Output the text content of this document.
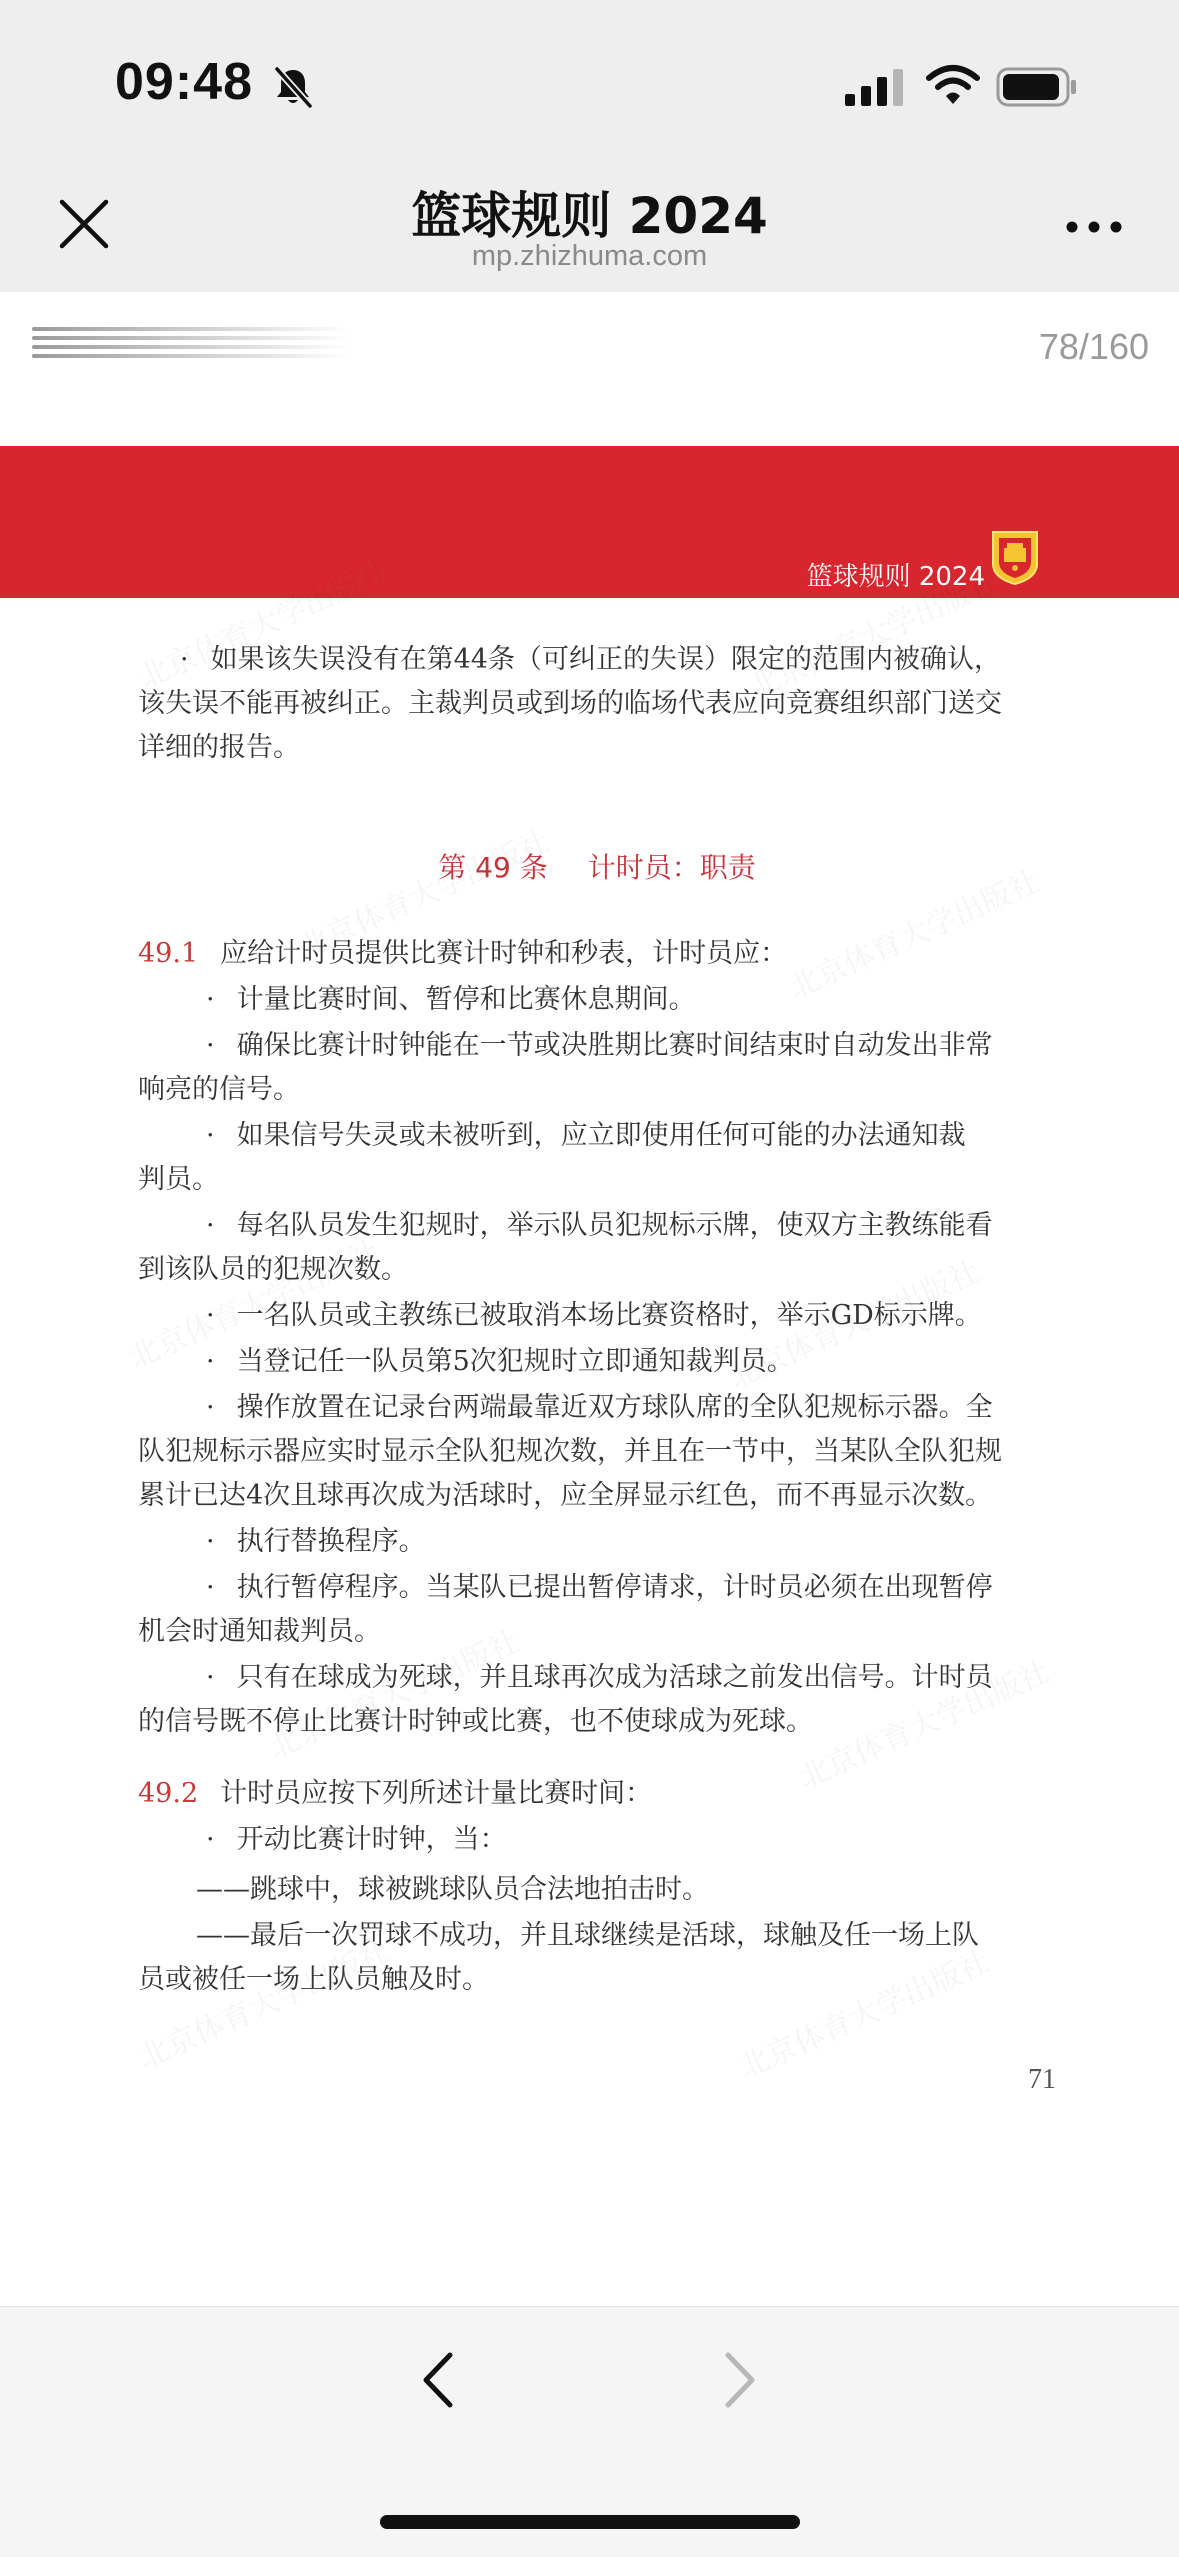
09:48
篮球规则 2024
mp.zhizhuma.com
78/160
篮球规则 2024
· 如果该失误没有在第44条（可纠正的失误）限定的范围内被确认，
该失误不能再被纠正。主裁判员或到场的临场代表应向竞赛组织部门送交
详细的报告。
第 49 条 计时员：职责
49.1 应给计时员提供比赛计时钟和秒表，计时员应：
· 计量比赛时间、暂停和比赛休息期间。
· 确保比赛计时钟能在一节或决胜期比赛时间结束时自动发出非常
响亮的信号。
· 如果信号失灵或未被听到，应立即使用任何可能的办法通知裁
判员。
· 每名队员发生犯规时，举示队员犯规标示牌，使双方主教练能看
到该队员的犯规次数。
· 一名队员或主教练已被取消本场比赛资格时，举示GD标示牌。
· 当登记任一队员第5次犯规时立即通知裁判员。
· 操作放置在记录台两端最靠近双方球队席的全队犯规标示器。全
队犯规标示器应实时显示全队犯规次数，并且在一节中，当某队全队犯规
累计已达4次且球再次成为活球时，应全屏显示红色，而不再显示次数。
· 执行替换程序。
· 执行暂停程序。当某队已提出暂停请求，计时员必须在出现暂停
机会时通知裁判员。
· 只有在球成为死球，并且球再次成为活球之前发出信号。计时员
的信号既不停止比赛计时钟或比赛，也不使球成为死球。
49.2 计时员应按下列所述计量比赛时间：
· 开动比赛计时钟，当：
——跳球中，球被跳球队员合法地拍击时。
——最后一次罚球不成功，并且球继续是活球，球触及任一场上队
员或被任一场上队员触及时。
71
